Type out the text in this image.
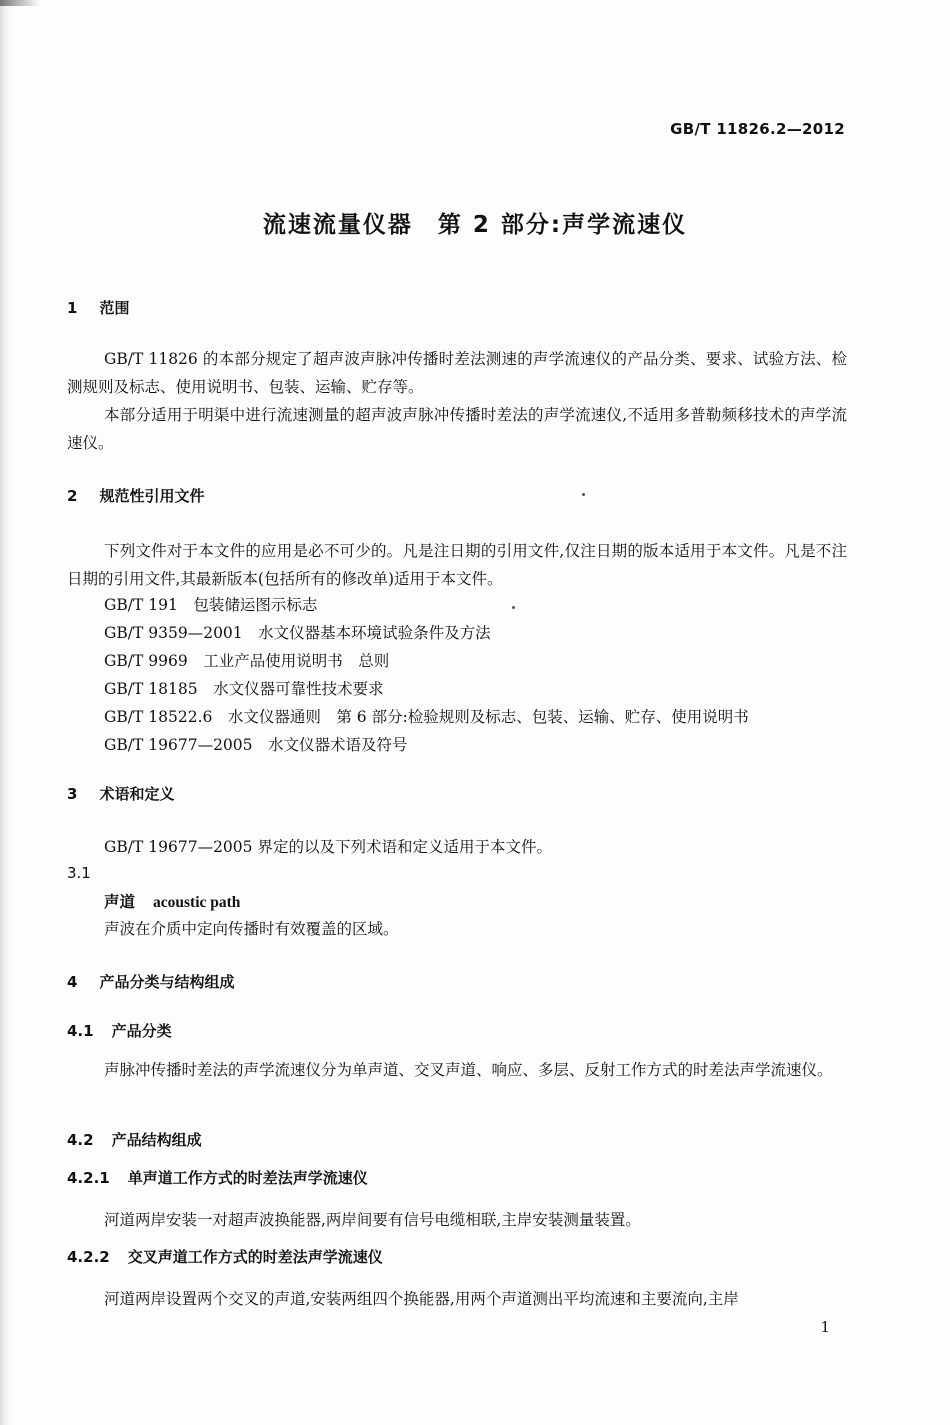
GB/T 11826.2—2012
流速流量仪器　第 2 部分:声学流速仪
1 范围
GB/T 11826 的本部分规定了超声波声脉冲传播时差法测速的声学流速仪的产品分类、要求、试验方法、检测规则及标志、使用说明书、包装、运输、贮存等。
本部分适用于明渠中进行流速测量的超声波声脉冲传播时差法的声学流速仪,不适用多普勒频移技术的声学流速仪。
2 规范性引用文件
下列文件对于本文件的应用是必不可少的。凡是注日期的引用文件,仅注日期的版本适用于本文件。凡是不注日期的引用文件,其最新版本(包括所有的修改单)适用于本文件。
GB/T 191　包装储运图示标志
GB/T 9359—2001　水文仪器基本环境试验条件及方法
GB/T 9969　工业产品使用说明书　总则
GB/T 18185　水文仪器可靠性技术要求
GB/T 18522.6　水文仪器通则　第 6 部分:检验规则及标志、包装、运输、贮存、使用说明书
GB/T 19677—2005　水文仪器术语及符号
3 术语和定义
GB/T 19677—2005 界定的以及下列术语和定义适用于本文件。
3.1
声道 acoustic path
声波在介质中定向传播时有效覆盖的区域。
4 产品分类与结构组成
4.1 产品分类
声脉冲传播时差法的声学流速仪分为单声道、交叉声道、响应、多层、反射工作方式的时差法声学流速仪。
4.2 产品结构组成
4.2.1 单声道工作方式的时差法声学流速仪
河道两岸安装一对超声波换能器,两岸间要有信号电缆相联,主岸安装测量装置。
4.2.2 交叉声道工作方式的时差法声学流速仪
河道两岸设置两个交叉的声道,安装两组四个换能器,用两个声道测出平均流速和主要流向,主岸
1
